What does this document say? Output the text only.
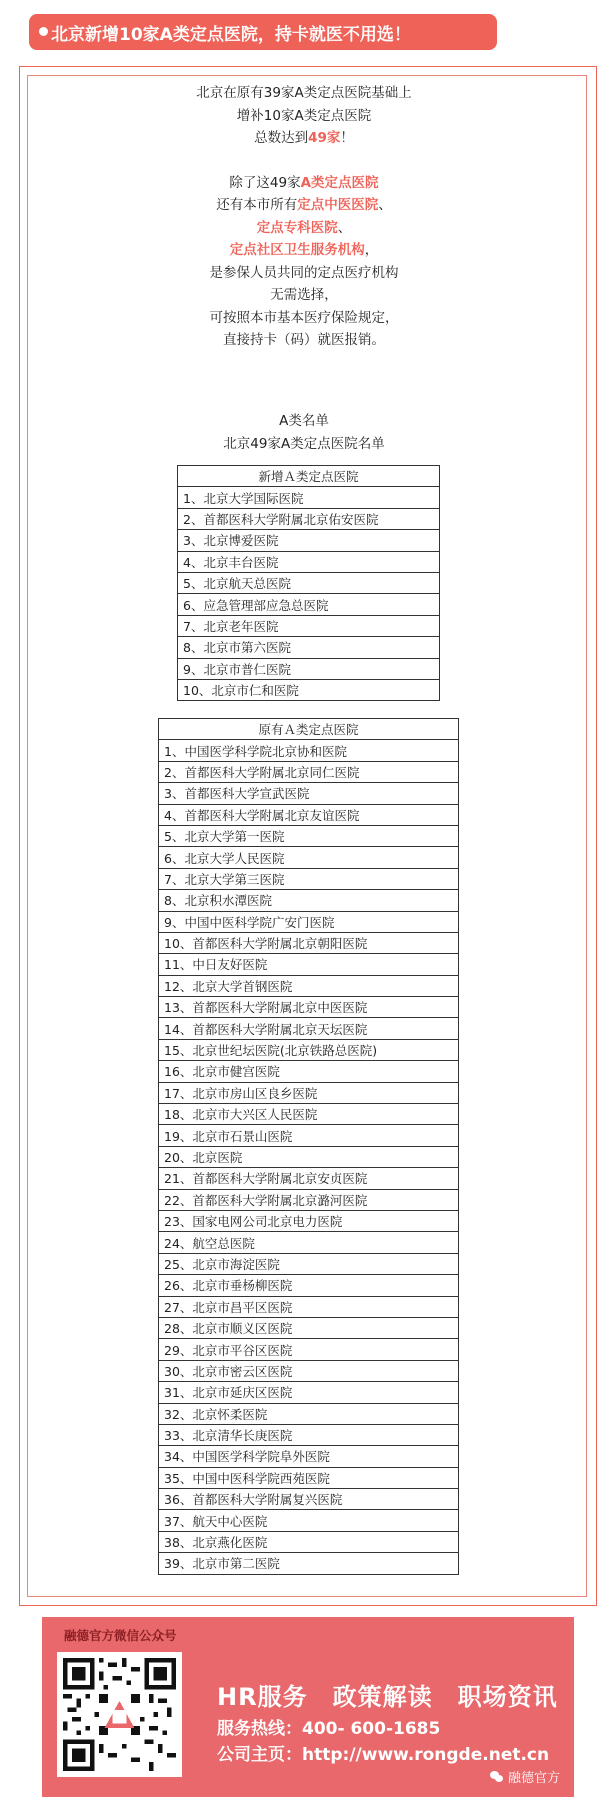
北京新增10家A类定点医院，持卡就医不用选！

北京在原有39家A类定点医院基础上

增补10家A类定点医院

总数达到49家！

除了这49家A类定点医院

还有本市所有定点中医医院、

定点专科医院、

定点社区卫生服务机构，

是参保人员共同的定点医疗机构

无需选择，

可按照本市基本医疗保险规定，

直接持卡（码）就医报销。

A类名单
北京49家A类定点医院名单
新增Ａ类定点医院
1、北京大学国际医院
2、首都医科大学附属北京佑安医院
3、北京博爱医院
4、北京丰台医院
5、北京航天总医院
6、应急管理部应急总医院
7、北京老年医院
8、北京市第六医院
9、北京市普仁医院
10、北京市仁和医院
原有Ａ类定点医院
1、中国医学科学院北京协和医院
2、首都医科大学附属北京同仁医院
3、首都医科大学宣武医院
4、首都医科大学附属北京友谊医院
5、北京大学第一医院
6、北京大学人民医院
7、北京大学第三医院
8、北京积水潭医院
9、中国中医科学院广安门医院
10、首都医科大学附属北京朝阳医院
11、中日友好医院
12、北京大学首钢医院
13、首都医科大学附属北京中医医院
14、首都医科大学附属北京天坛医院
15、北京世纪坛医院(北京铁路总医院)
16、北京市健宫医院
17、北京市房山区良乡医院
18、北京市大兴区人民医院
19、北京市石景山医院
20、北京医院
21、首都医科大学附属北京安贞医院
22、首都医科大学附属北京潞河医院
23、国家电网公司北京电力医院
24、航空总医院
25、北京市海淀医院
26、北京市垂杨柳医院
27、北京市昌平区医院
28、北京市顺义区医院
29、北京市平谷区医院
30、北京市密云区医院
31、北京市延庆区医院
32、北京怀柔医院
33、北京清华长庚医院
34、中国医学科学院阜外医院
35、中国中医科学院西苑医院
36、首都医科大学附属复兴医院
37、航天中心医院
38、北京燕化医院
39、北京市第二医院
融德官方微信公众号
HR服务　政策解读　职场资讯
服务热线：400- 600-1685
公司主页：http://www.rongde.net.cn
融德官方
